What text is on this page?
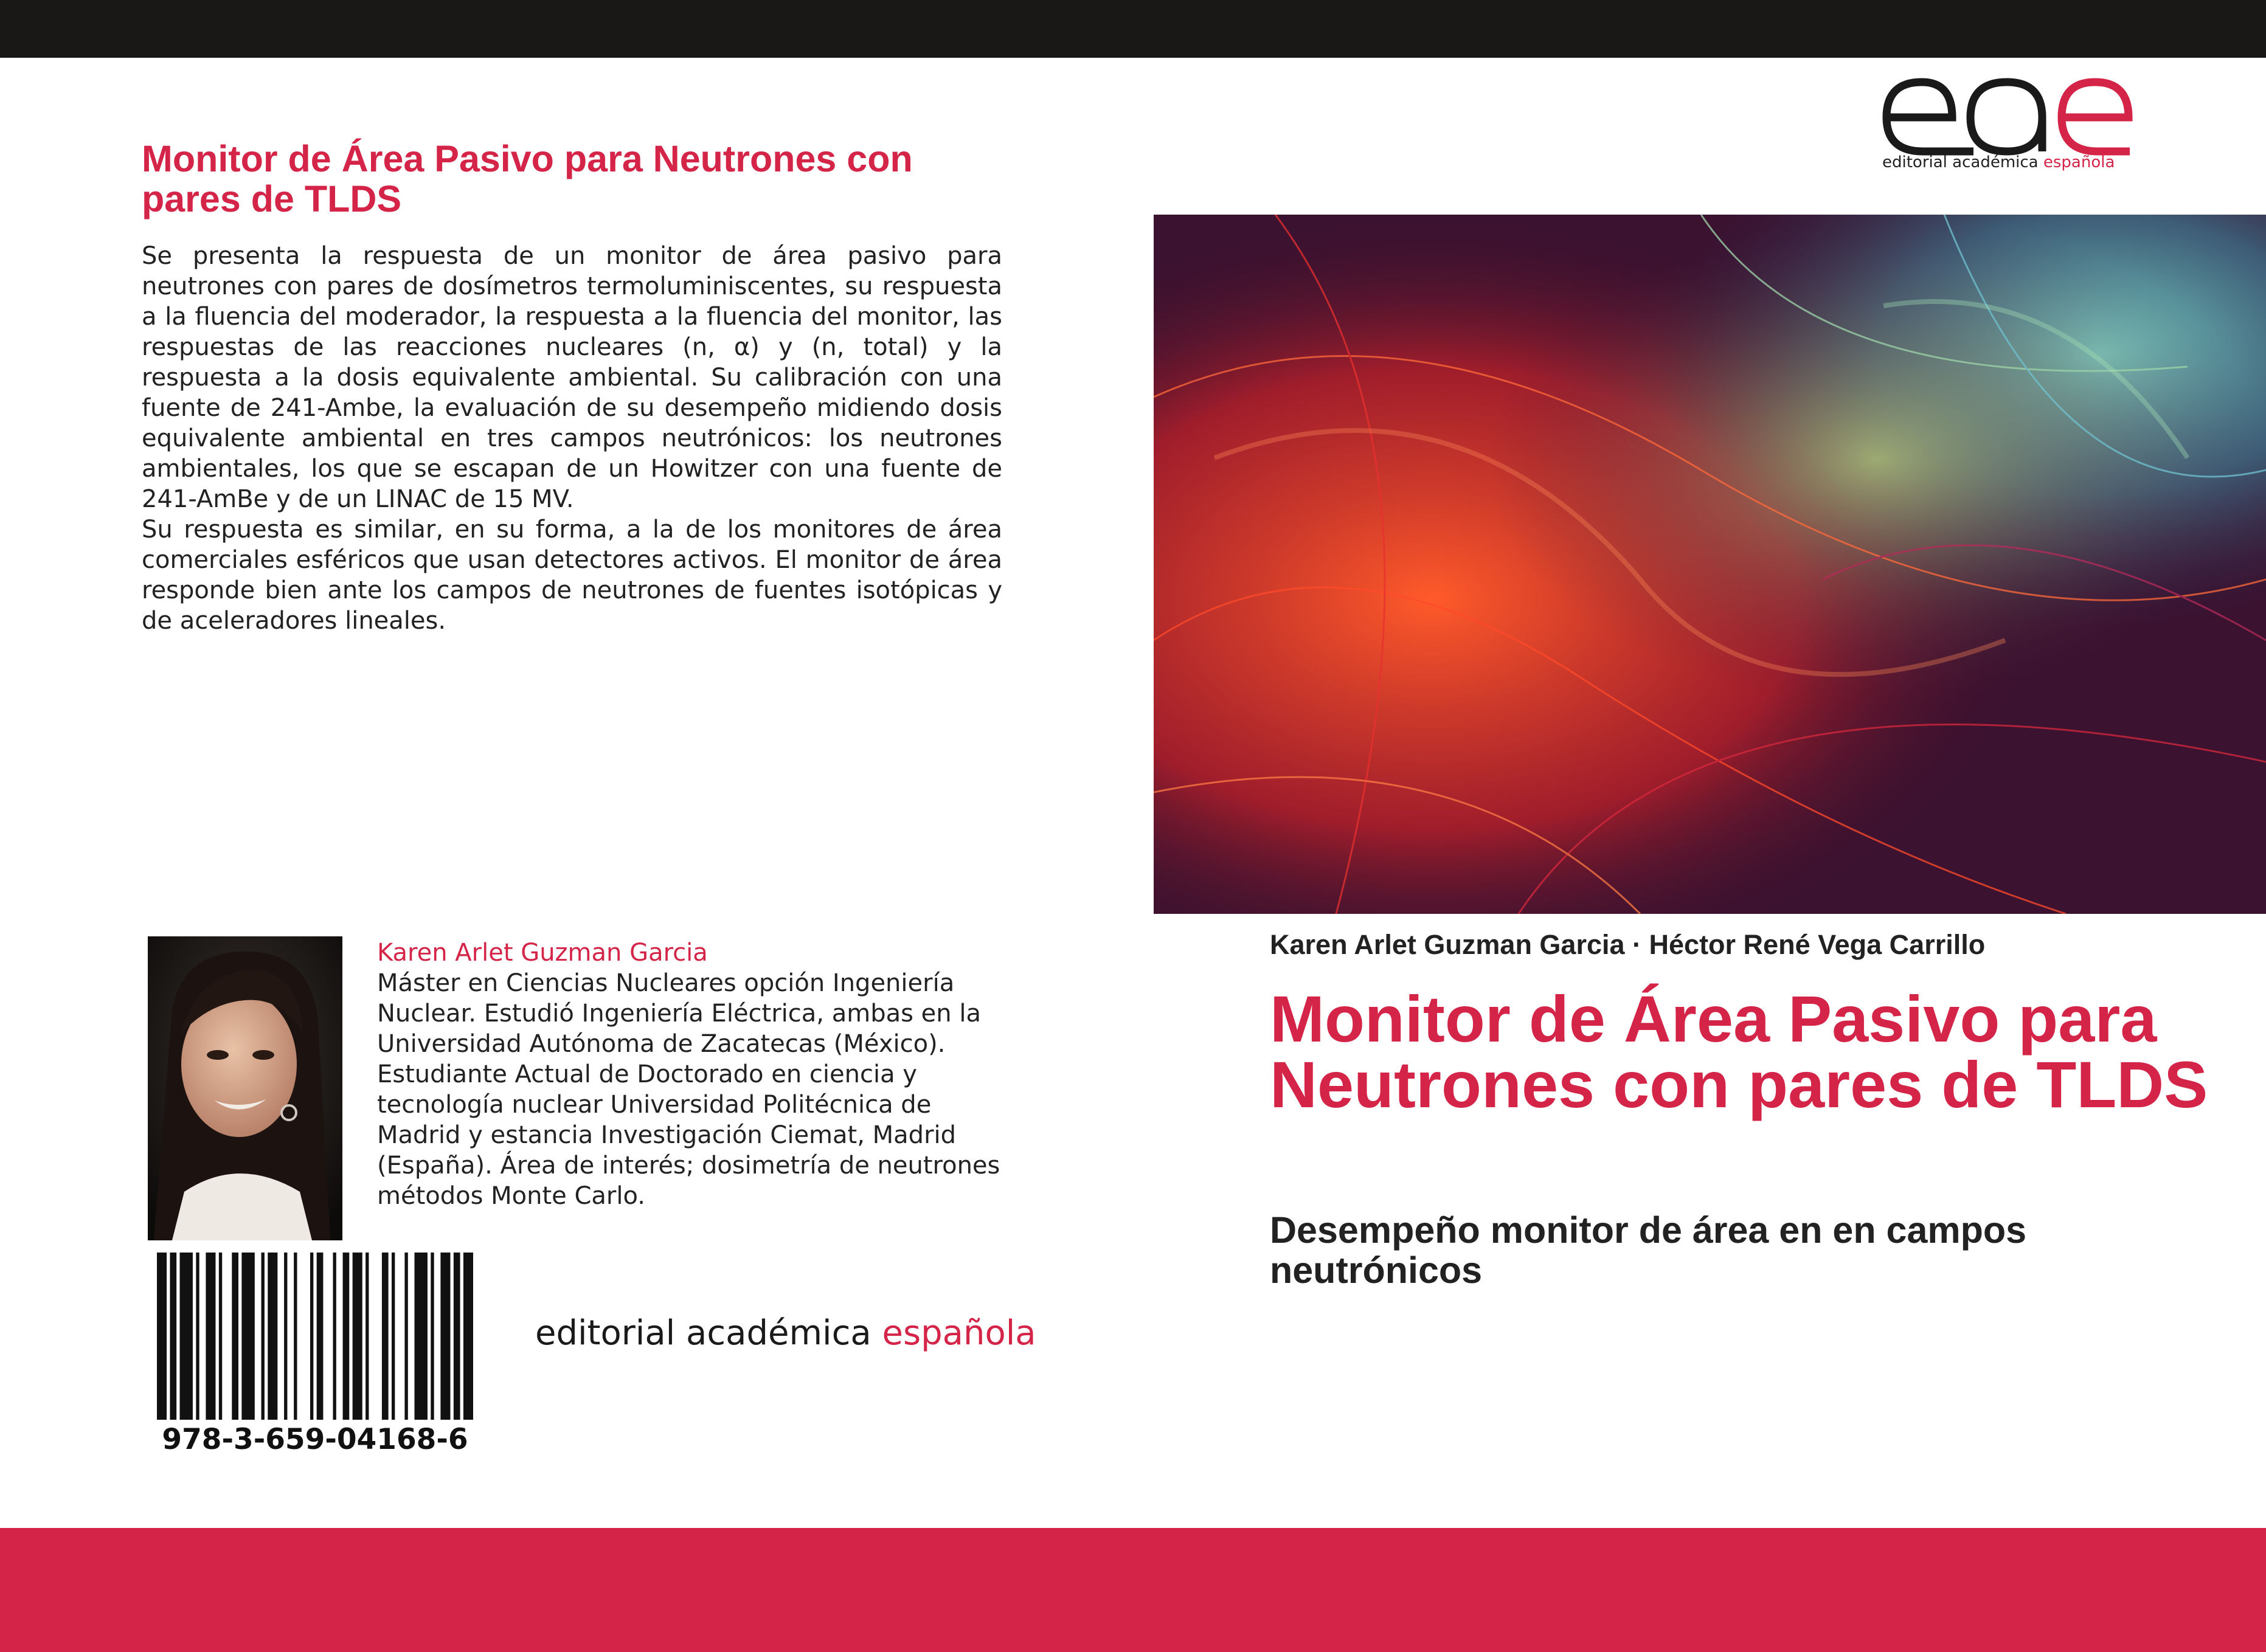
Monitor de Área Pasivo para Neutrones con pares de TLDS

Se presenta la respuesta de un monitor de área pasivo para neutrones con pares de dosímetros termoluminiscentes, su respuesta a la fluencia del moderador, la respuesta a la fluencia del monitor, las respuestas de las reacciones nucleares (n, α) y (n, total) y la respuesta a la dosis equivalente ambiental. Su calibración con una fuente de 241-Ambe, la evaluación de su desempeño midiendo dosis equivalente ambiental en tres campos neutrónicos: los neutrones ambientales, los que se escapan de un Howitzer con una fuente de 241-AmBe y de un LINAC de 15 MV.
Su respuesta es similar, en su forma, a la de los monitores de área comerciales esféricos que usan detectores activos. El monitor de área responde bien ante los campos de neutrones de fuentes isotópicas y de aceleradores lineales.

Karen Arlet Guzman Garcia

Máster en Ciencias Nucleares opción Ingeniería Nuclear. Estudió Ingeniería Eléctrica, ambas en la Universidad Autónoma de Zacatecas (México). Estudiante Actual de Doctorado en ciencia y tecnología nuclear Universidad Politécnica de Madrid y estancia Investigación Ciemat, Madrid (España). Área de interés; dosimetría de neutrones métodos Monte Carlo.

978-3-659-04168-6
editorial académica española
editorial académica española

Karen Arlet Guzman Garcia · Héctor René Vega Carrillo

Monitor de Área Pasivo para Neutrones con pares de TLDS
Desempeño monitor de área en en campos neutrónicos
